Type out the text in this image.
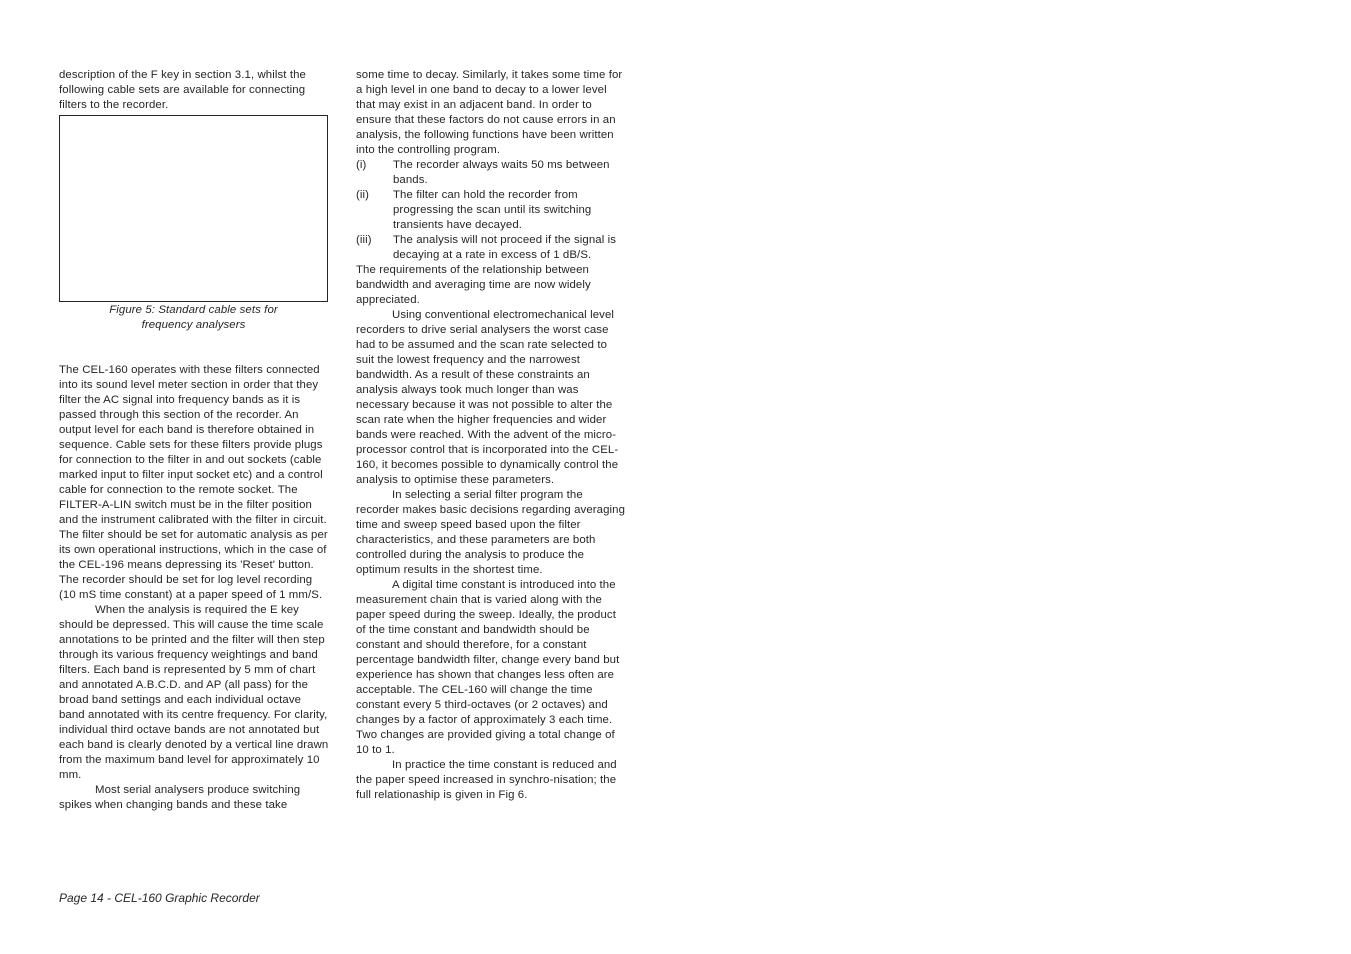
description of the F key in section 3.1, whilst the following cable sets are available for connecting filters to the recorder.

Figure 5: Standard cable sets for
frequency analysers

The CEL-160 operates with these filters connected into its sound level meter section in order that they filter the AC signal into frequency bands as it is passed through this section of the recorder. An output level for each band is therefore obtained in sequence. Cable sets for these filters provide plugs for connection to the filter in and out sockets (cable marked input to filter input socket etc) and a control cable for connection to the remote socket. The FILTER-A-LIN switch must be in the filter position and the instrument calibrated with the filter in circuit. The filter should be set for automatic analysis as per its own operational instructions, which in the case of the CEL-196 means depressing its 'Reset' button. The recorder should be set for log level recording (10 mS time constant) at a paper speed of 1 mm/S.

When the analysis is required the E key should be depressed. This will cause the time scale annotations to be printed and the filter will then step through its various frequency weightings and band filters. Each band is represented by 5 mm of chart and annotated A.B.C.D. and AP (all pass) for the broad band settings and each individual octave band annotated with its centre frequency. For clarity, individual third octave bands are not annotated but each band is clearly denoted by a vertical line drawn from the maximum band level for approximately 10 mm.

Most serial analysers produce switching spikes when changing bands and these take

some time to decay. Similarly, it takes some time for a high level in one band to decay to a lower level that may exist in an adjacent band. In order to ensure that these factors do not cause errors in an analysis, the following functions have been written into the controlling program.

(i)	The recorder always waits 50 ms between bands.
(ii)	The filter can hold the recorder from progressing the scan until its switching transients have decayed.
(iii)	The analysis will not proceed if the signal is decaying at a rate in excess of 1 dB/S.

The requirements of the relationship between bandwidth and averaging time are now widely appreciated.

Using conventional electromechanical level recorders to drive serial analysers the worst case had to be assumed and the scan rate selected to suit the lowest frequency and the narrowest bandwidth. As a result of these constraints an analysis always took much longer than was necessary because it was not possible to alter the scan rate when the higher frequencies and wider bands were reached. With the advent of the micro- processor control that is incorporated into the CEL-160, it becomes possible to dynamically control the analysis to optimise these parameters.

In selecting a serial filter program the recorder makes basic decisions regarding averaging time and sweep speed based upon the filter characteristics, and these parameters are both controlled during the analysis to produce the optimum results in the shortest time.

A digital time constant is introduced into the measurement chain that is varied along with the paper speed during the sweep. Ideally, the product of the time constant and bandwidth should be constant and should therefore, for a constant percentage bandwidth filter, change every band but experience has shown that changes less often are acceptable. The CEL-160 will change the time constant every 5 third-octaves (or 2 octaves) and changes by a factor of approximately 3 each time. Two changes are provided giving a total change of 10 to 1.

In practice the time constant is reduced and the paper speed increased in synchro-nisation; the full relationaship is given in Fig 6.

Page 14 - CEL-160 Graphic Recorder
